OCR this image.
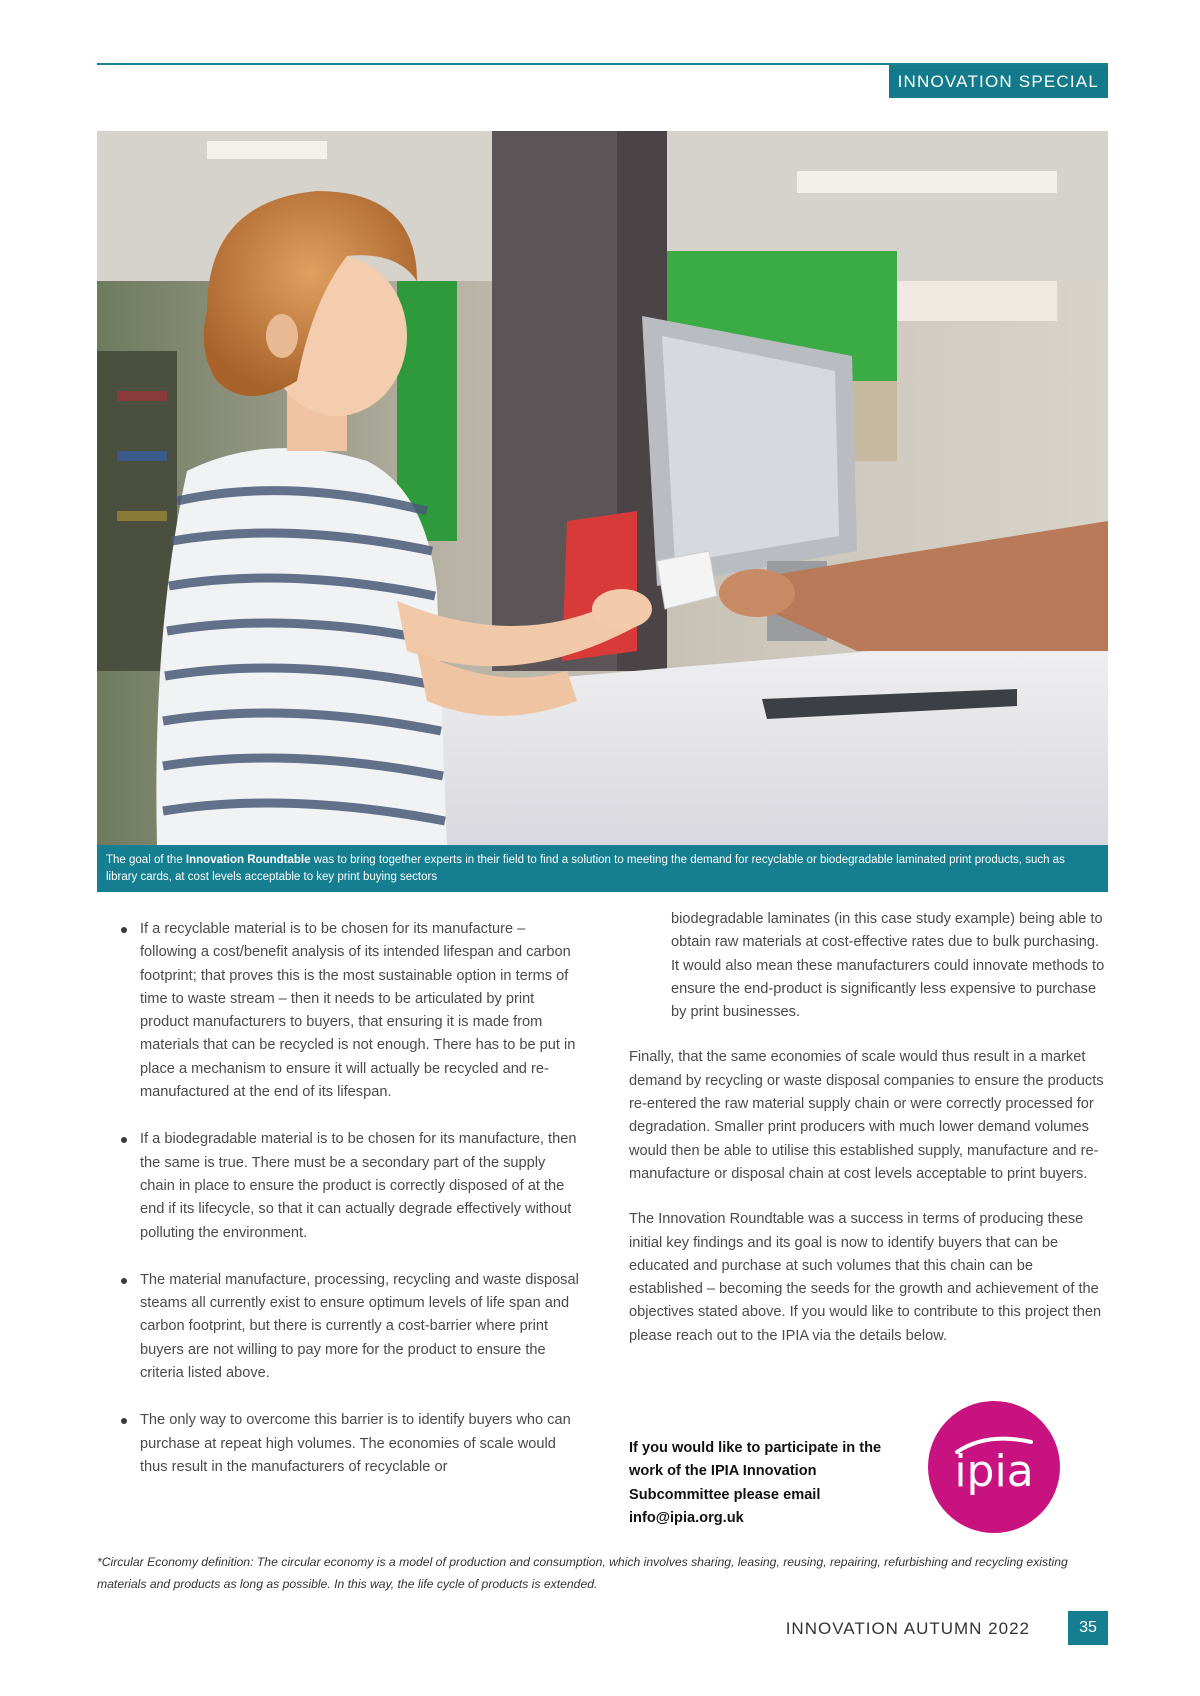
INNOVATION SPECIAL
The goal of the Innovation Roundtable was to bring together experts in their field to find a solution to meeting the demand for recyclable or biodegradable laminated print products, such as library cards, at cost levels acceptable to key print buying sectors
If a recyclable material is to be chosen for its manufacture – following a cost/benefit analysis of its intended lifespan and carbon footprint; that proves this is the most sustainable option in terms of time to waste stream – then it needs to be articulated by print product manufacturers to buyers, that ensuring it is made from materials that can be recycled is not enough. There has to be put in place a mechanism to ensure it will actually be recycled and re-manufactured at the end of its lifespan.
If a biodegradable material is to be chosen for its manufacture, then the same is true. There must be a secondary part of the supply chain in place to ensure the product is correctly disposed of at the end if its lifecycle, so that it can actually degrade effectively without polluting the environment.
The material manufacture, processing, recycling and waste disposal steams all currently exist to ensure optimum levels of life span and carbon footprint, but there is currently a cost-barrier where print buyers are not willing to pay more for the product to ensure the criteria listed above.
The only way to overcome this barrier is to identify buyers who can purchase at repeat high volumes. The economies of scale would thus result in the manufacturers of recyclable or

biodegradable laminates (in this case study example) being able to obtain raw materials at cost-effective rates due to bulk purchasing. It would also mean these manufacturers could innovate methods to ensure the end-product is significantly less expensive to purchase by print businesses.

Finally, that the same economies of scale would thus result in a market demand by recycling or waste disposal companies to ensure the products re-entered the raw material supply chain or were correctly processed for degradation. Smaller print producers with much lower demand volumes would then be able to utilise this established supply, manufacture and re-manufacture or disposal chain at cost levels acceptable to print buyers.

The Innovation Roundtable was a success in terms of producing these initial key findings and its goal is now to identify buyers that can be educated and purchase at such volumes that this chain can be established – becoming the seeds for the growth and achievement of the objectives stated above. If you would like to contribute to this project then please reach out to the IPIA via the details below.

If you would like to participate in the work of the IPIA Innovation Subcommittee please email info@ipia.org.uk
ipia
*Circular Economy definition: The circular economy is a model of production and consumption, which involves sharing, leasing, reusing, repairing, refurbishing and recycling existing materials and products as long as possible. In this way, the life cycle of products is extended.
INNOVATION AUTUMN 2022	35
